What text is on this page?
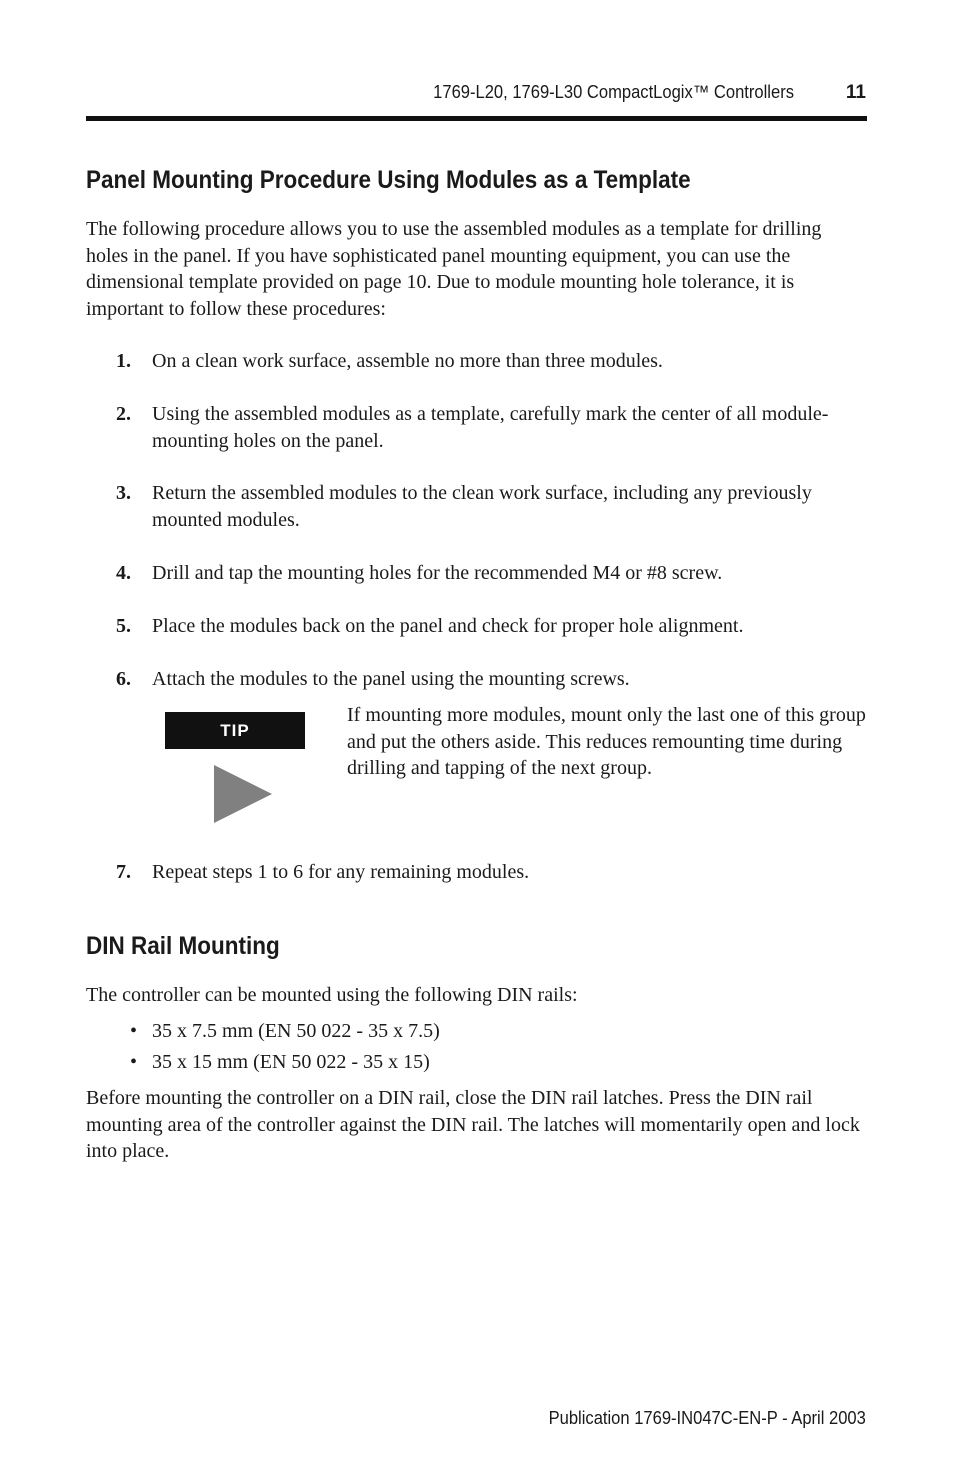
1769-L20, 1769-L30 CompactLogix™ Controllers	11
Panel Mounting Procedure Using Modules as a Template

The following procedure allows you to use the assembled modules as a template for drilling holes in the panel. If you have sophisticated panel mounting equipment, you can use the dimensional template provided on page 10. Due to module mounting hole tolerance, it is important to follow these procedures:

1. On a clean work surface, assemble no more than three modules.
2. Using the assembled modules as a template, carefully mark the center of all module-mounting holes on the panel.
3. Return the assembled modules to the clean work surface, including any previously mounted modules.
4. Drill and tap the mounting holes for the recommended M4 or #8 screw.
5. Place the modules back on the panel and check for proper hole alignment.
6. Attach the modules to the panel using the mounting screws.
TIP
If mounting more modules, mount only the last one of this group and put the others aside. This reduces remounting time during drilling and tapping of the next group.
7. Repeat steps 1 to 6 for any remaining modules.
DIN Rail Mounting

The controller can be mounted using the following DIN rails:

• 35 x 7.5 mm (EN 50 022 - 35 x 7.5)
• 35 x 15 mm (EN 50 022 - 35 x 15)

Before mounting the controller on a DIN rail, close the DIN rail latches. Press the DIN rail mounting area of the controller against the DIN rail. The latches will momentarily open and lock into place.

Publication 1769-IN047C-EN-P - April 2003
